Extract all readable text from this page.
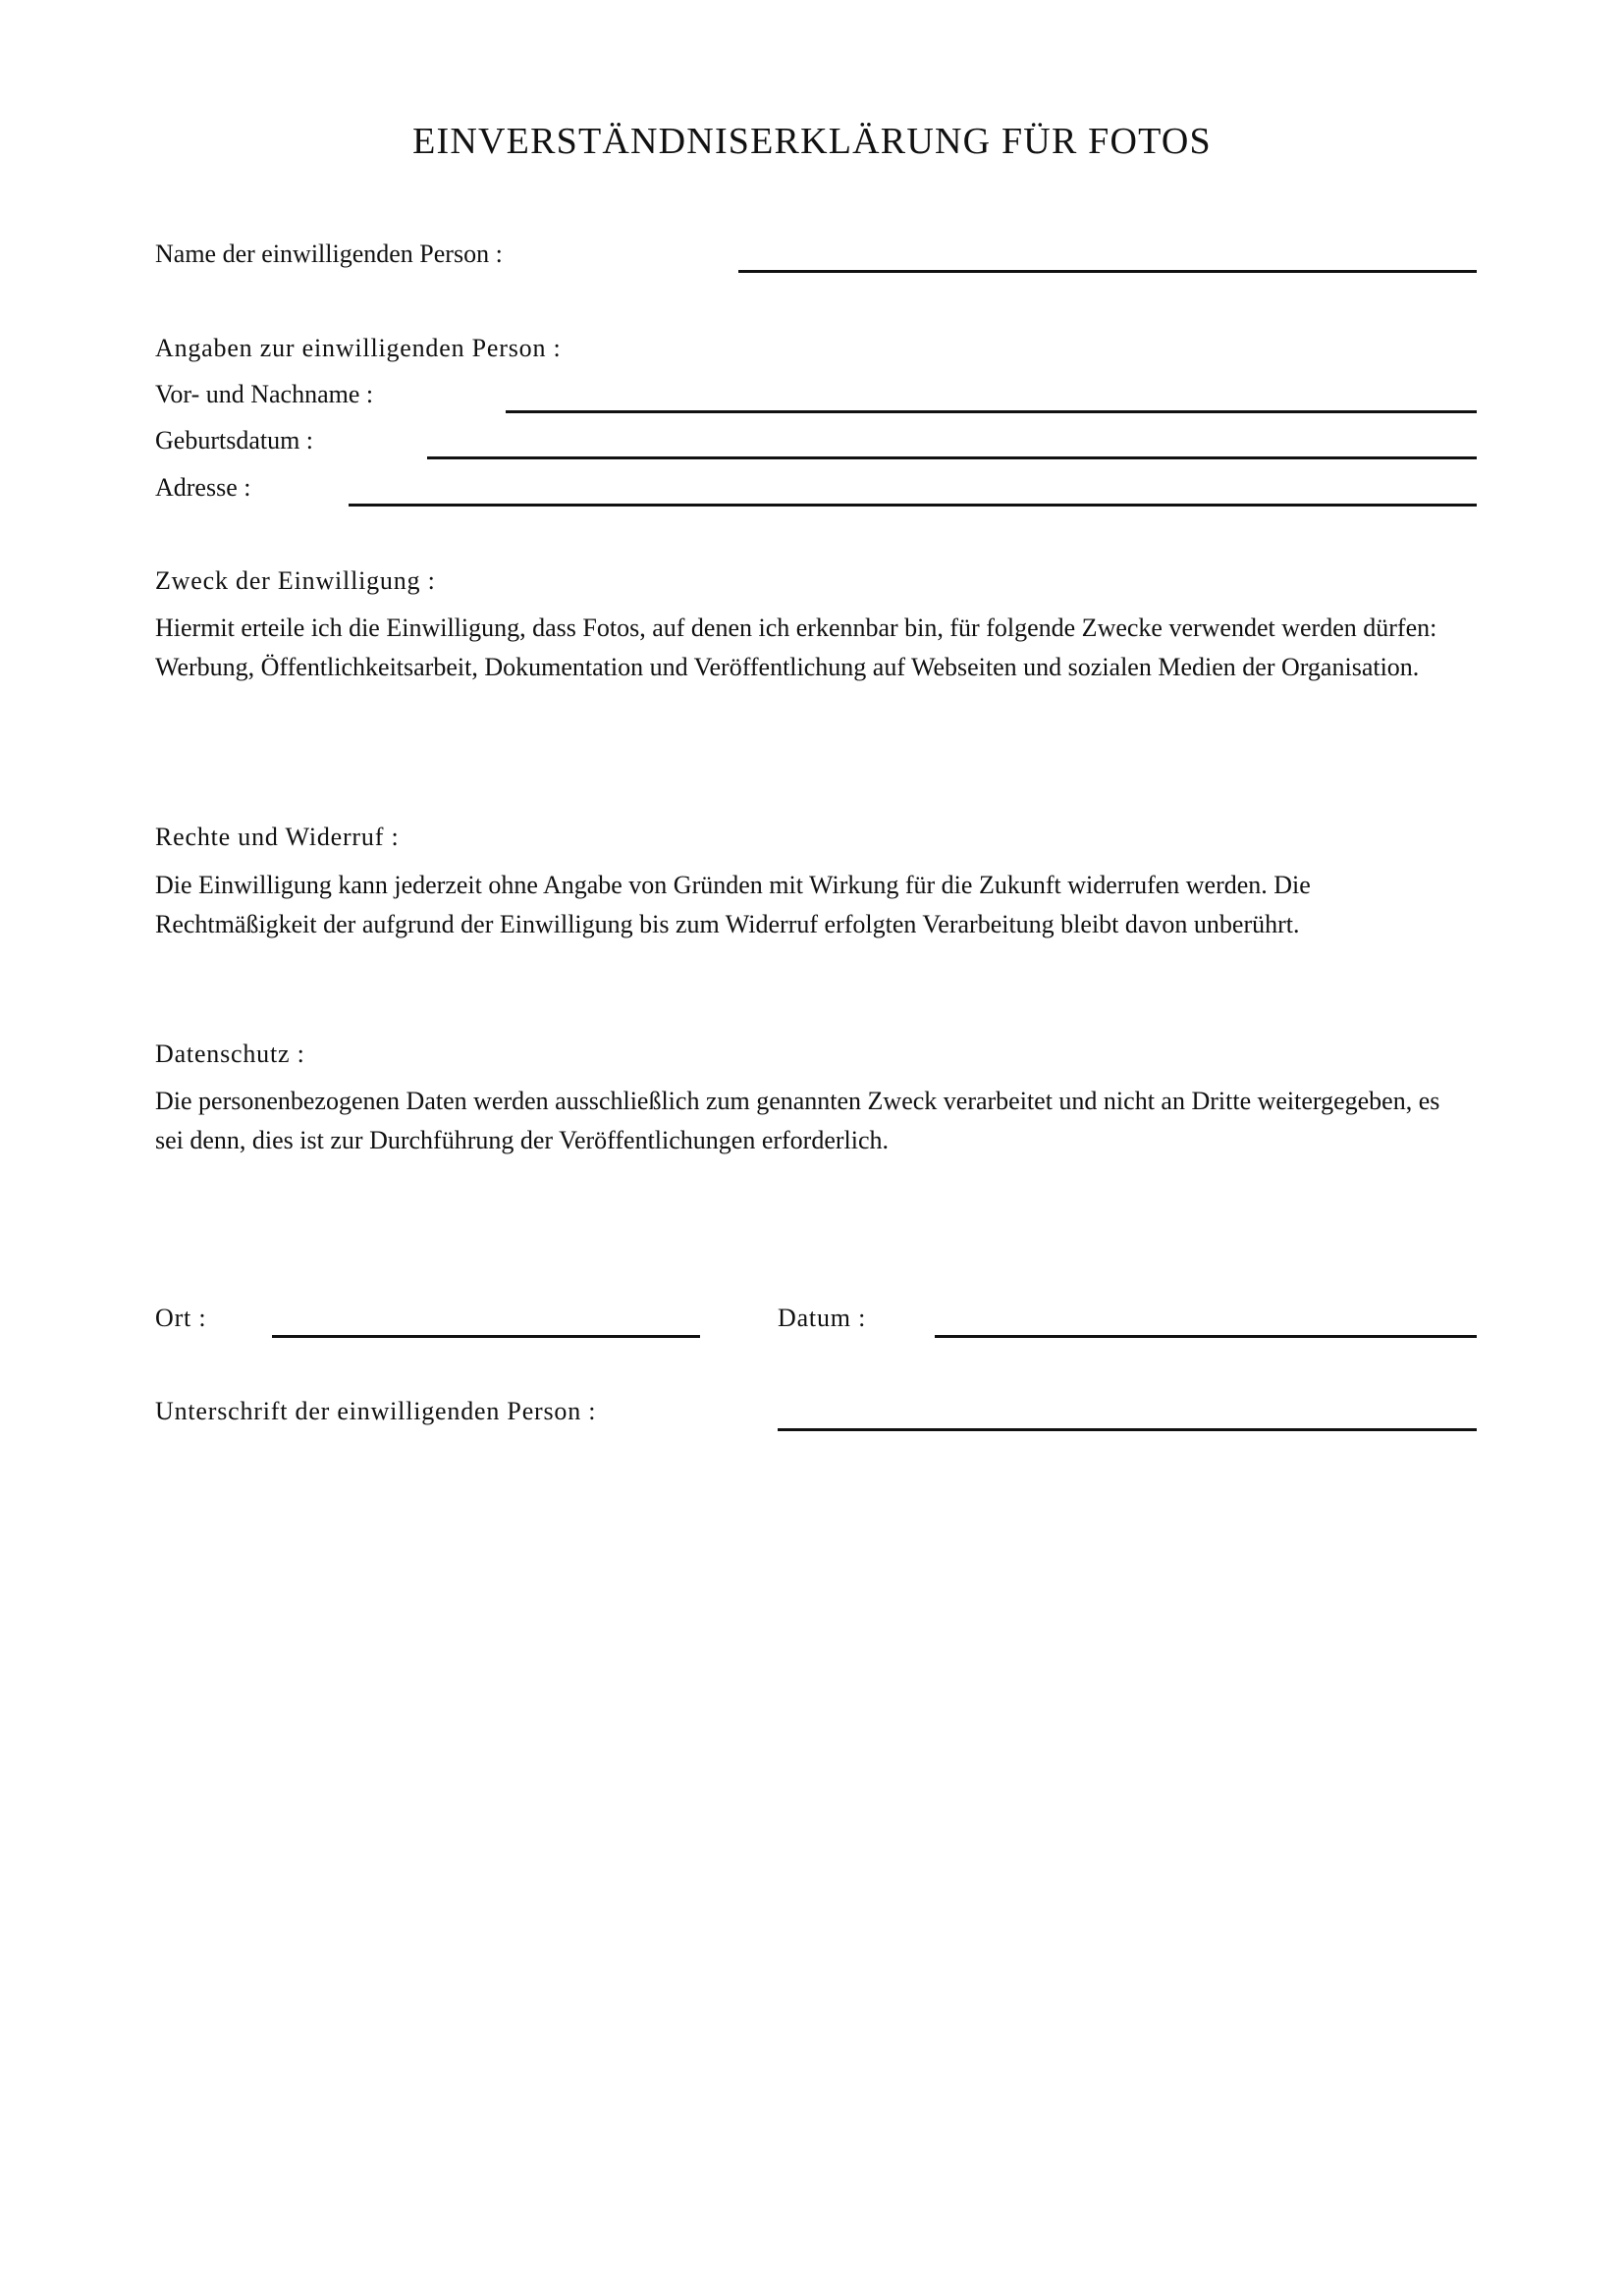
EINVERSTÄNDNISERKLÄRUNG FÜR FOTOS
Name der einwilligenden Person :
Angaben zur einwilligenden Person :
Vor- und Nachname :
Geburtsdatum :
Adresse :
Zweck der Einwilligung :
Hiermit erteile ich die Einwilligung, dass Fotos, auf denen ich erkennbar bin, für folgende Zwecke verwendet werden dürfen: Werbung, Öffentlichkeitsarbeit, Dokumentation und Veröffentlichung auf Webseiten und sozialen Medien der Organisation.
Rechte und Widerruf :
Die Einwilligung kann jederzeit ohne Angabe von Gründen mit Wirkung für die Zukunft widerrufen werden. Die Rechtmäßigkeit der aufgrund der Einwilligung bis zum Widerruf erfolgten Verarbeitung bleibt davon unberührt.
Datenschutz :
Die personenbezogenen Daten werden ausschließlich zum genannten Zweck verarbeitet und nicht an Dritte weitergegeben, es sei denn, dies ist zur Durchführung der Veröffentlichungen erforderlich.
Ort :	Datum :
Unterschrift der einwilligenden Person :
